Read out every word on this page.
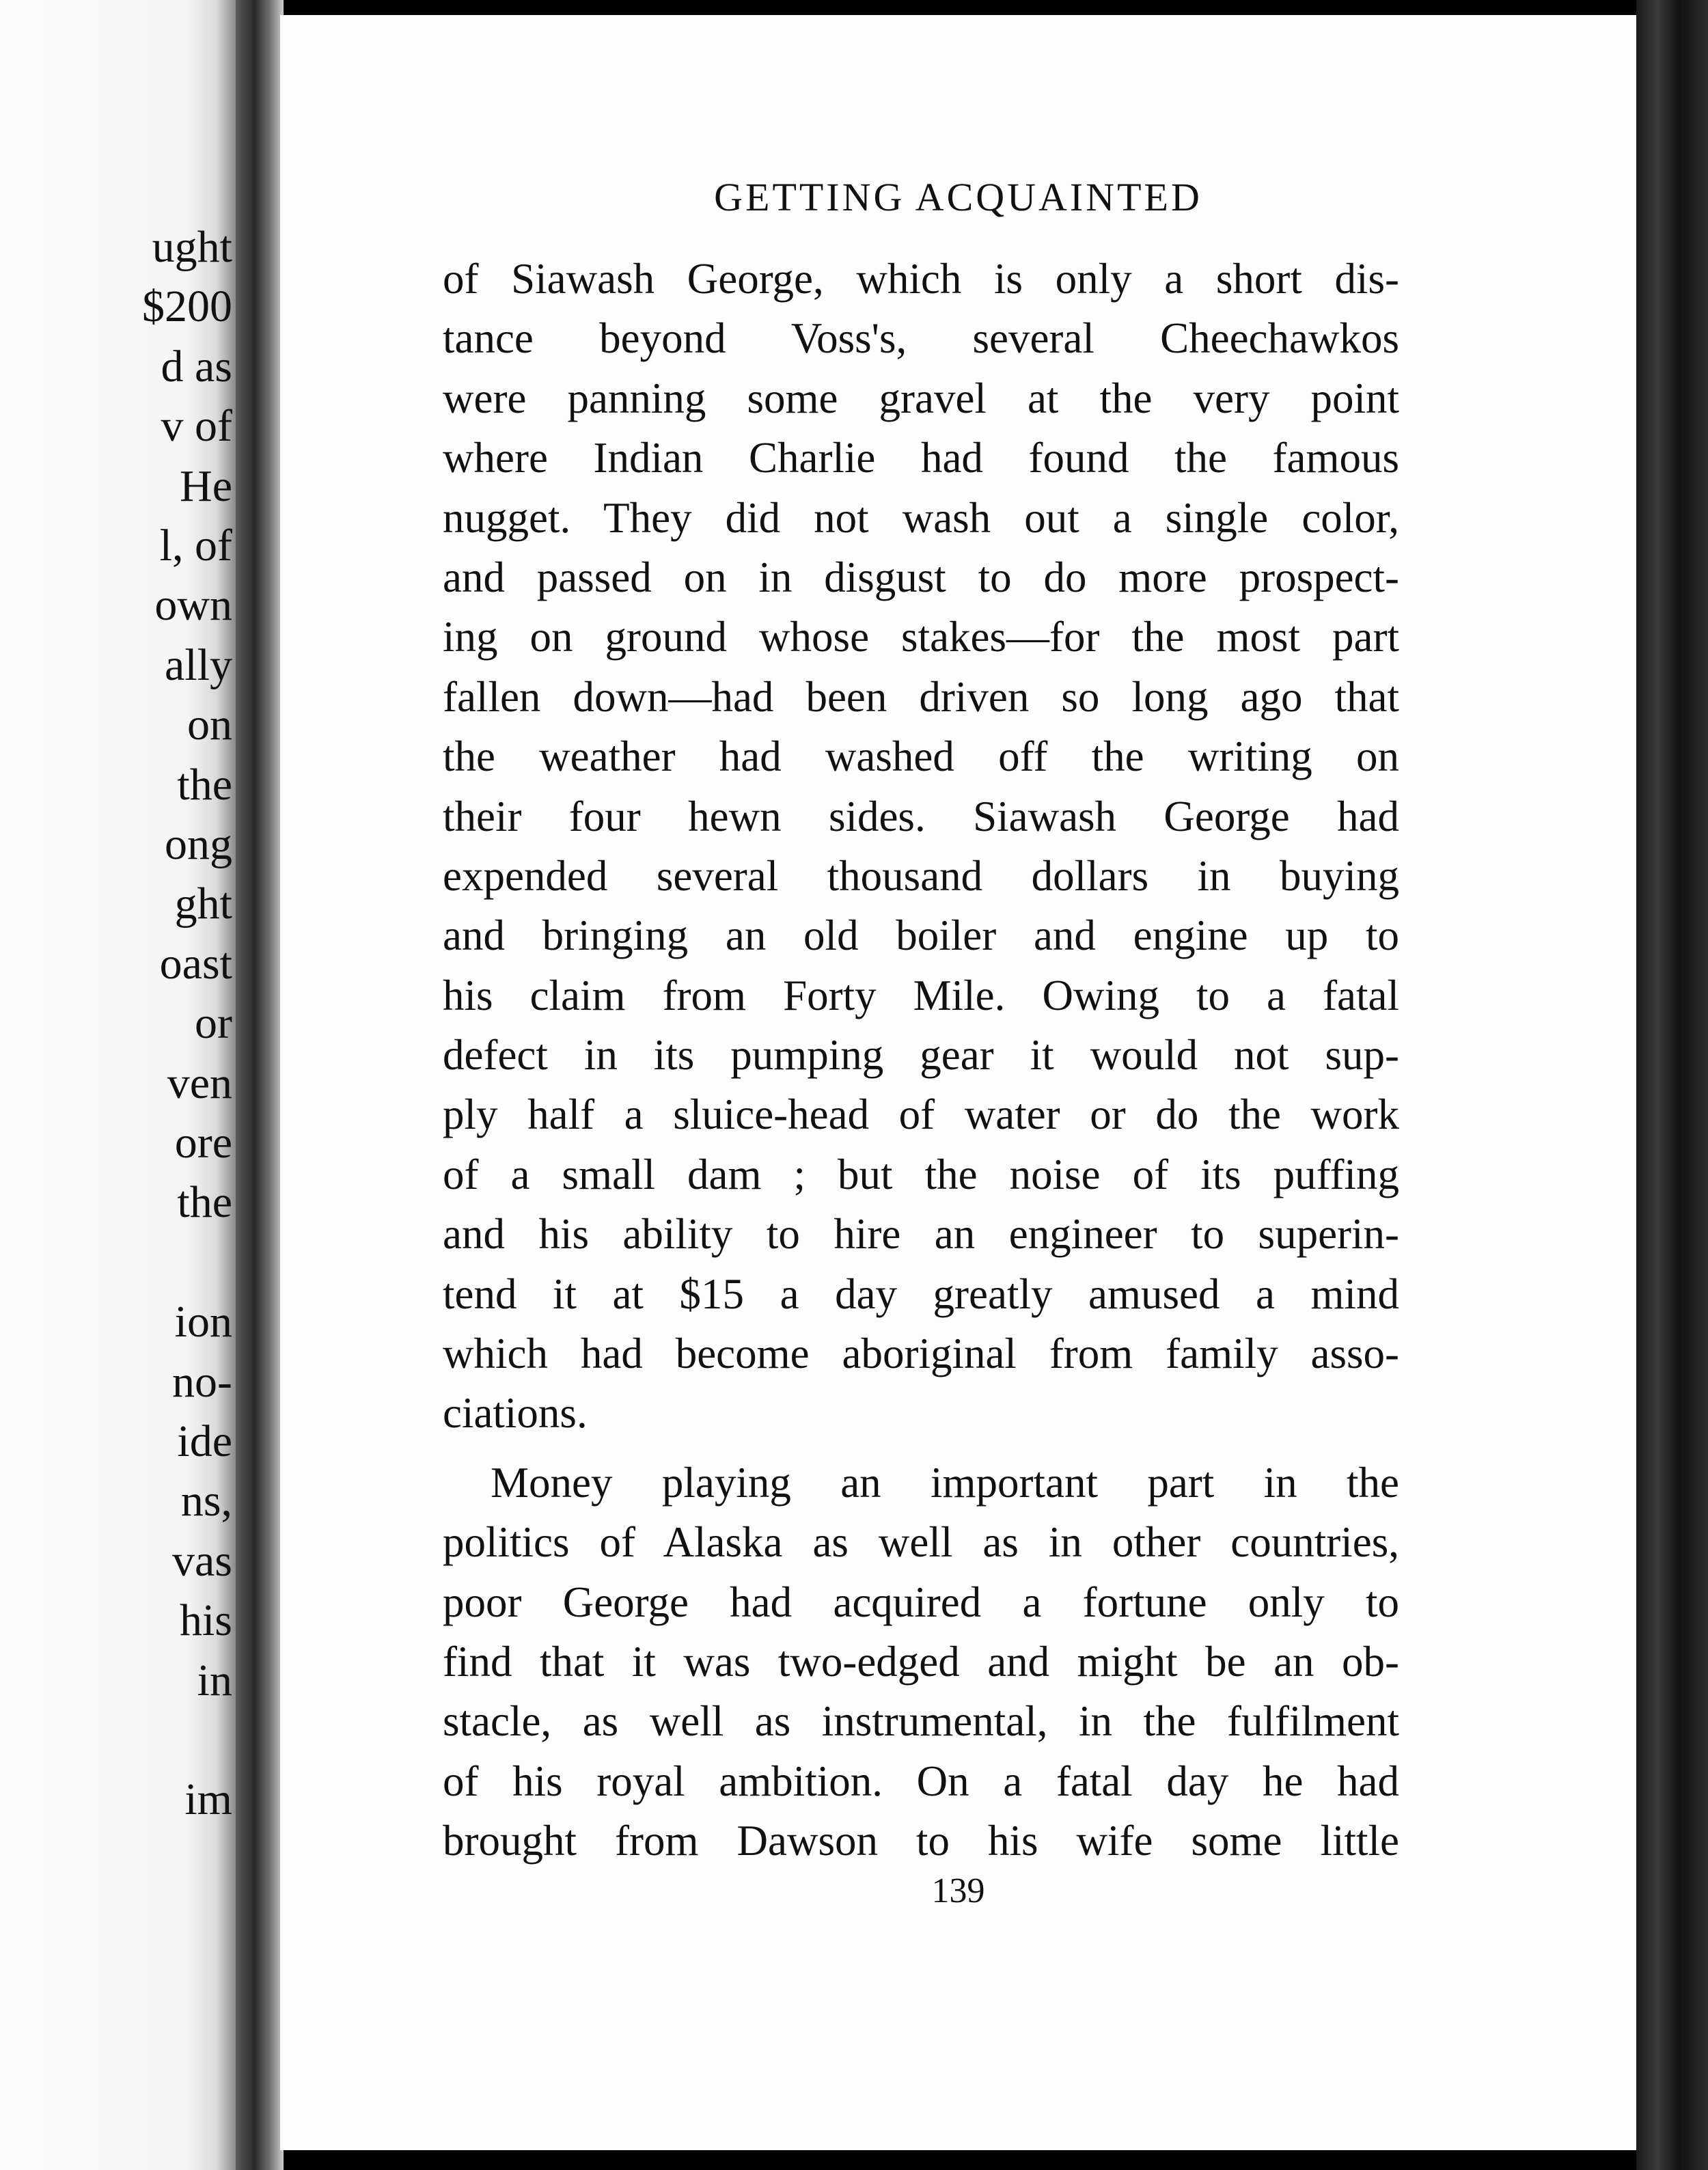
ught
$200
d as
v of
He
l, of
own
ally
on
the
ong
ght
oast
or
ven
ore
the
ion
no-
ide
ns,
vas
his
in
im
GETTING ACQUAINTED
of Siawash George, which is only a short dis-
tance beyond Voss's, several Cheechawkos
were panning some gravel at the very point
where Indian Charlie had found the famous
nugget. They did not wash out a single color,
and passed on in disgust to do more prospect-
ing on ground whose stakes—for the most part
fallen down—had been driven so long ago that
the weather had washed off the writing on
their four hewn sides. Siawash George had
expended several thousand dollars in buying
and bringing an old boiler and engine up to
his claim from Forty Mile. Owing to a fatal
defect in its pumping gear it would not sup-
ply half a sluice-head of water or do the work
of a small dam ; but the noise of its puffing
and his ability to hire an engineer to superin-
tend it at $15 a day greatly amused a mind
which had become aboriginal from family asso-
ciations.
Money playing an important part in the
politics of Alaska as well as in other countries,
poor George had acquired a fortune only to
find that it was two-edged and might be an ob-
stacle, as well as instrumental, in the fulfilment
of his royal ambition. On a fatal day he had
brought from Dawson to his wife some little
139
